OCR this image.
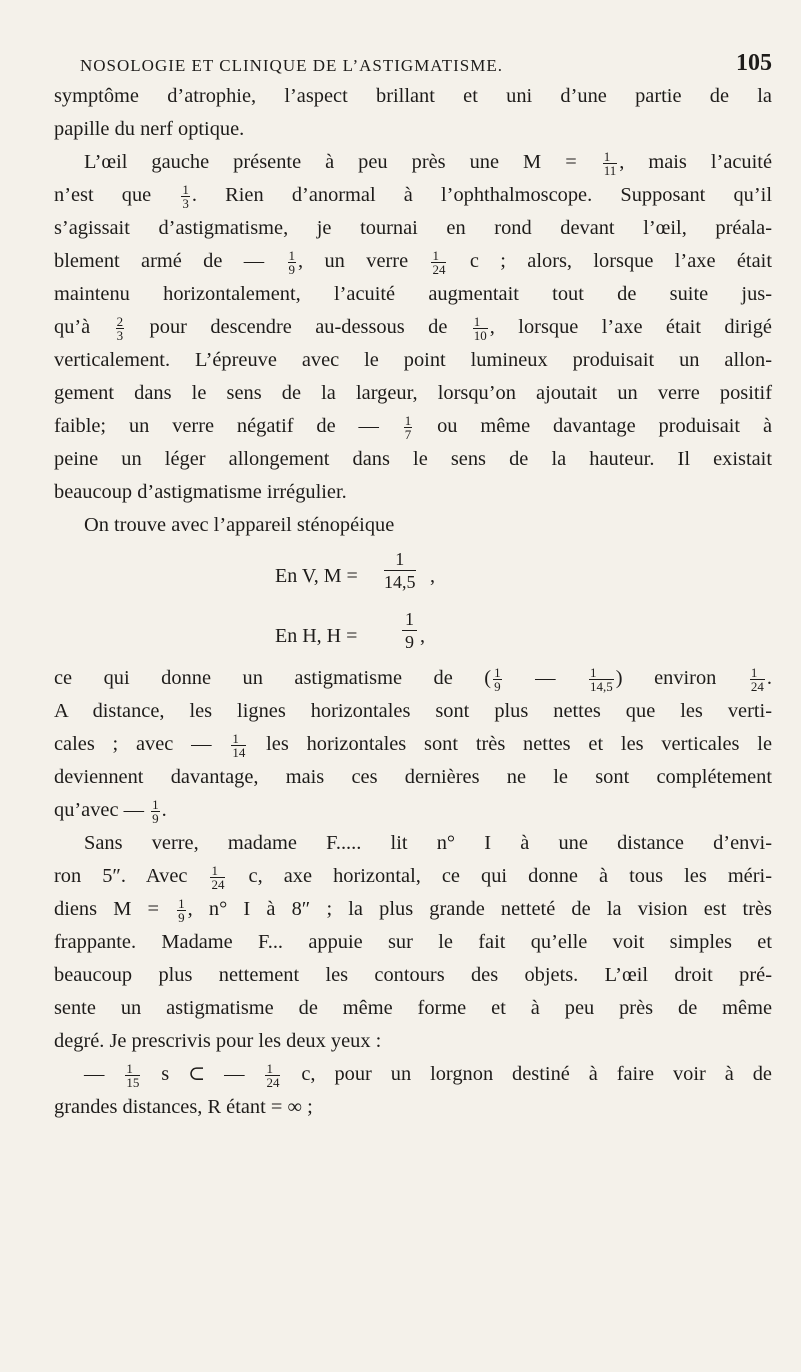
NOSOLOGIE ET CLINIQUE DE L’ASTIGMATISME.	105
symptôme d’atrophie, l’aspect brillant et uni d’une partie de la
papille du nerf optique.
L’œil gauche présente à peu près une $M = \frac{1}{11}$ , mais l’acuité
n’est que $\frac{1}{3}$ . Rien d’anormal à l’ophthalmoscope. Supposant qu’il
s’agissait d’astigmatisme, je tournai en rond devant l’œil, préala-
blement armé de — $\frac{1}{9}$ , un verre $\frac{1}{24}$ c ; alors, lorsque l’axe était
maintenu horizontalement, l’acuité augmentait tout de suite jus-
qu’à $\frac{2}{3}$ pour descendre au-dessous de $\frac{1}{10}$ , lorsque l’axe était dirigé
verticalement. L’épreuve avec le point lumineux produisait un allon-
gement dans le sens de la largeur, lorsqu’on ajoutait un verre positif
faible; un verre négatif de — $\frac{1}{7}$ ou même davantage produisait à
peine un léger allongement dans le sens de la hauteur. Il existait
beaucoup d’astigmatisme irrégulier.
On trouve avec l’appareil sténopéique
En V, $M = \frac{1}{14,5}$ ,
En H, $H = \frac{1}{9}$ ,
ce qui donne un astigmatisme de ( $\frac{1}{9}$ — $\frac{1}{14,5}$ ) environ $\frac{1}{24}$ .
A distance, les lignes horizontales sont plus nettes que les verti-
cales ; avec — $\frac{1}{14}$ les horizontales sont très nettes et les verticales le
deviennent davantage, mais ces dernières ne le sont complétement
qu’avec — $\frac{1}{9}$ .
Sans verre, madame F..... lit n° I à une distance d’envi-
ron 5″. Avec $\frac{1}{24} c$, axe horizontal, ce qui donne à tous les méri-
diens $M = \frac{1}{9}$ , n° I à 8″ ; la plus grande netteté de la vision est très
frappante. Madame F... appuie sur le fait qu’elle voit simples et
beaucoup plus nettement les contours des objets. L’œil droit pré-
sente un astigmatisme de même forme et à peu près de même
degré. Je prescrivis pour les deux yeux :
— $\frac{1}{15}$ s ⊂ — $\frac{1}{24} c$, pour un lorgnon destiné à faire voir à de
grandes distances, R étant = ∞ ;
